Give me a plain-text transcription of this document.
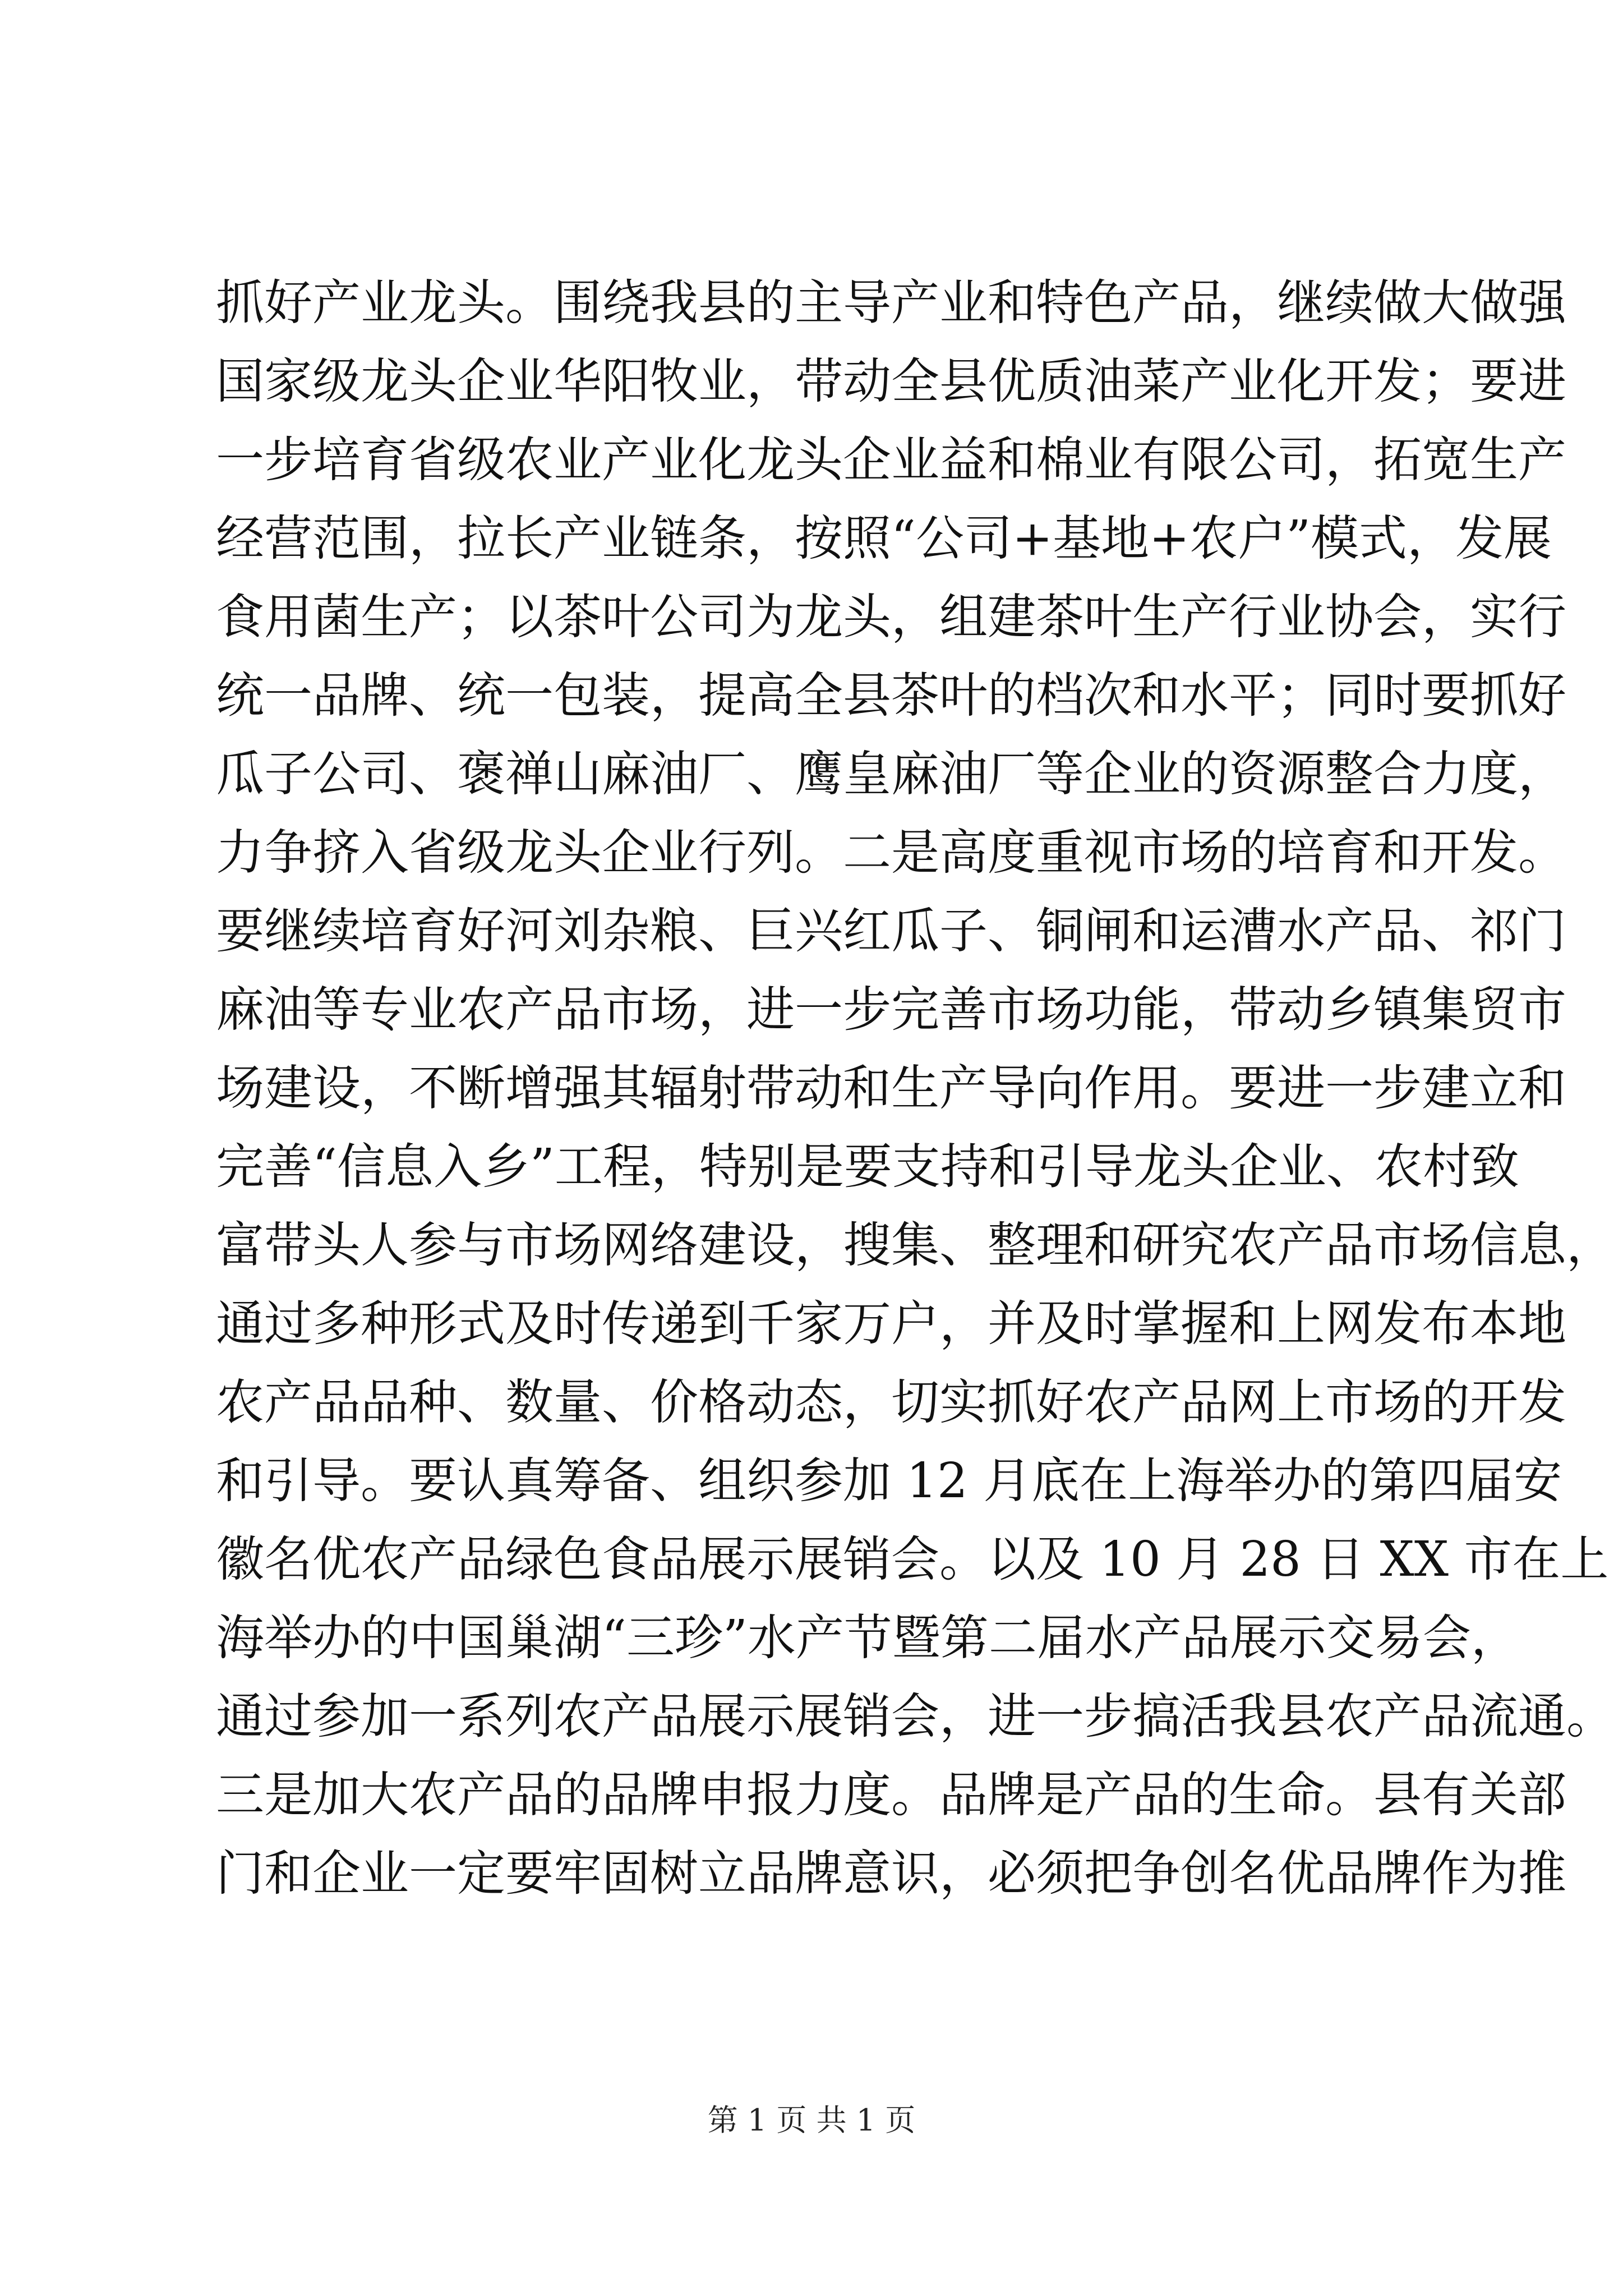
抓好产业龙头。围绕我县的主导产业和特色产品，继续做大做强
国家级龙头企业华阳牧业，带动全县优质油菜产业化开发；要进
一步培育省级农业产业化龙头企业益和棉业有限公司，拓宽生产
经营范围，拉长产业链条，按照“公司+基地+农户”模式，发展
食用菌生产；以茶叶公司为龙头，组建茶叶生产行业协会，实行
统一品牌、统一包装，提高全县茶叶的档次和水平；同时要抓好
瓜子公司、褒禅山麻油厂、鹰皇麻油厂等企业的资源整合力度，
力争挤入省级龙头企业行列。二是高度重视市场的培育和开发。
要继续培育好河刘杂粮、巨兴红瓜子、铜闸和运漕水产品、祁门
麻油等专业农产品市场，进一步完善市场功能，带动乡镇集贸市
场建设，不断增强其辐射带动和生产导向作用。要进一步建立和
完善“信息入乡”工程，特别是要支持和引导龙头企业、农村致
富带头人参与市场网络建设，搜集、整理和研究农产品市场信息，
通过多种形式及时传递到千家万户，并及时掌握和上网发布本地
农产品品种、数量、价格动态，切实抓好农产品网上市场的开发
和引导。要认真筹备、组织参加 12 月底在上海举办的第四届安
徽名优农产品绿色食品展示展销会。以及 10 月 28 日 XX 市在上
海举办的中国巢湖“三珍”水产节暨第二届水产品展示交易会，
通过参加一系列农产品展示展销会，进一步搞活我县农产品流通。
三是加大农产品的品牌申报力度。品牌是产品的生命。县有关部
门和企业一定要牢固树立品牌意识，必须把争创名优品牌作为推
第 1 页 共 1 页
